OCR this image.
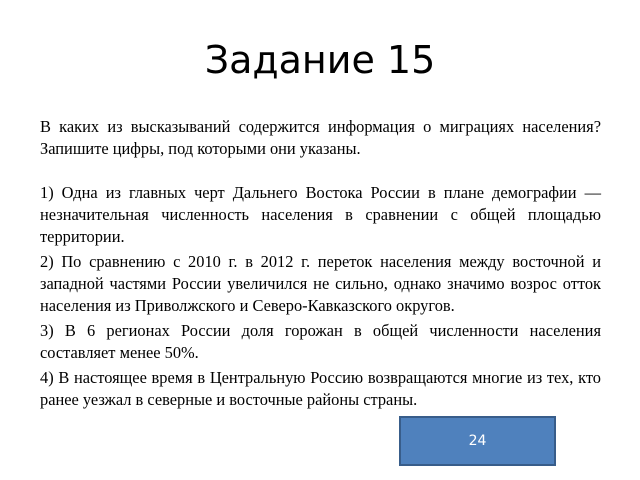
Задание 15

В каких из высказываний содержится информация о миграциях населения? Запишите цифры, под которыми они указаны.

1) Одна из главных черт Дальнего Востока России в плане демографии — незначительная численность населения в сравнении с общей площадью территории.

2) По сравнению с 2010 г. в 2012 г. переток населения между восточной и западной частями России увеличился не сильно, однако значимо возрос отток населения из Приволжского и Северо-Кавказского округов.

3) В 6 регионах России доля горожан в общей численности населения составляет менее 50%.

4) В настоящее время в Центральную Россию возвращаются многие из тех, кто ранее уезжал в северные и восточные районы страны.

24
